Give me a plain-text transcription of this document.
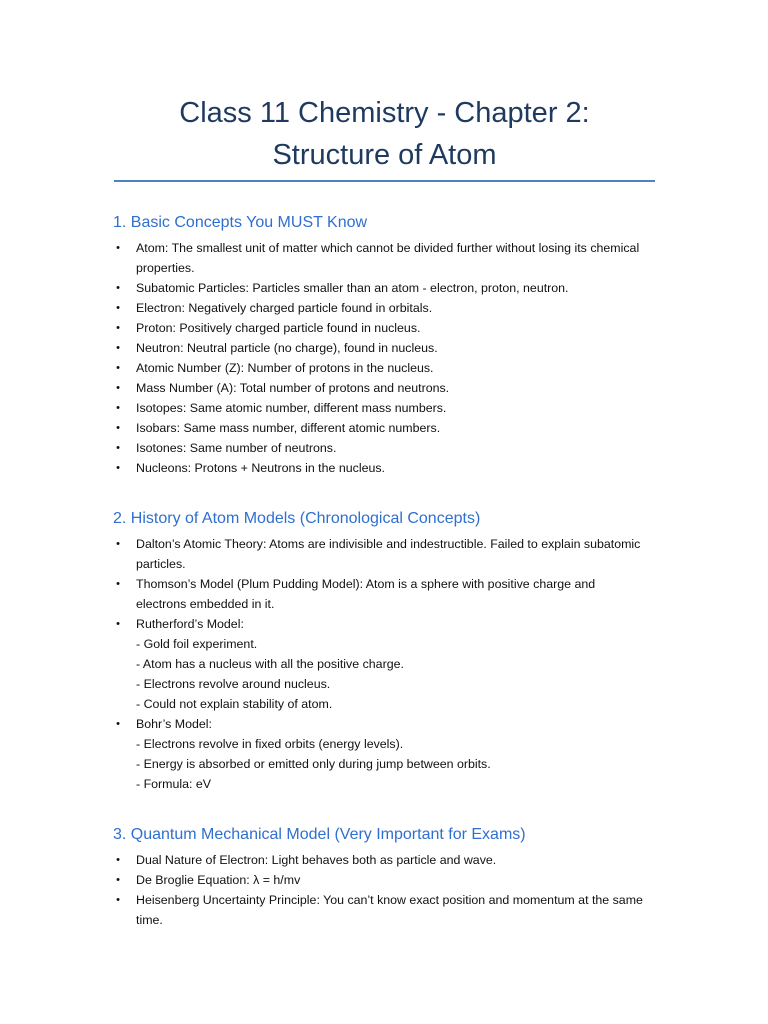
Class 11 Chemistry - Chapter 2:
Structure of Atom
1. Basic Concepts You MUST Know
• Atom: The smallest unit of matter which cannot be divided further without losing its chemical properties.
• Subatomic Particles: Particles smaller than an atom - electron, proton, neutron.
• Electron: Negatively charged particle found in orbitals.
• Proton: Positively charged particle found in nucleus.
• Neutron: Neutral particle (no charge), found in nucleus.
• Atomic Number (Z): Number of protons in the nucleus.
• Mass Number (A): Total number of protons and neutrons.
• Isotopes: Same atomic number, different mass numbers.
• Isobars: Same mass number, different atomic numbers.
• Isotones: Same number of neutrons.
• Nucleons: Protons + Neutrons in the nucleus.
2. History of Atom Models (Chronological Concepts)
• Dalton’s Atomic Theory: Atoms are indivisible and indestructible. Failed to explain subatomic particles.
• Thomson’s Model (Plum Pudding Model): Atom is a sphere with positive charge and electrons embedded in it.
• Rutherford’s Model:
- Gold foil experiment.
- Atom has a nucleus with all the positive charge.
- Electrons revolve around nucleus.
- Could not explain stability of atom.
• Bohr’s Model:
- Electrons revolve in fixed orbits (energy levels).
- Energy is absorbed or emitted only during jump between orbits.
- Formula: eV
3. Quantum Mechanical Model (Very Important for Exams)
• Dual Nature of Electron: Light behaves both as particle and wave.
• De Broglie Equation: λ = h/mv
• Heisenberg Uncertainty Principle: You can’t know exact position and momentum at the same time.
